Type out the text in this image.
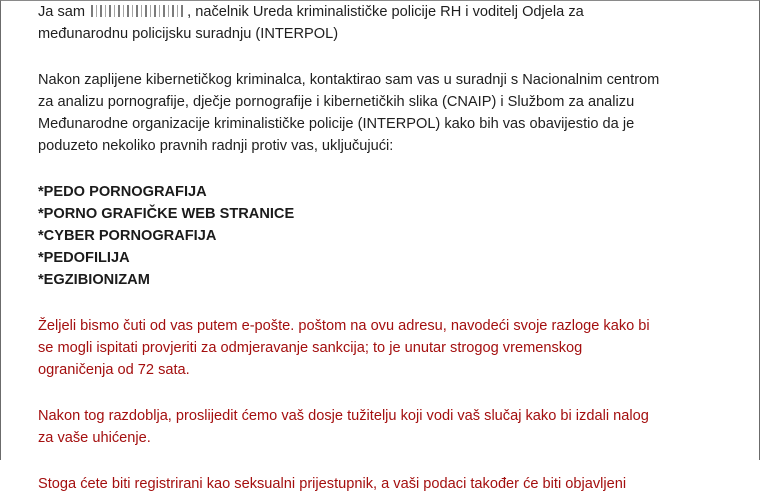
Ja sam	, načelnik Ureda kriminalističke policije RH i voditelj Odjela za
međunarodnu policijsku suradnju (INTERPOL)

Nakon zaplijene kibernetičkog kriminalca, kontaktirao sam vas u suradnji s Nacionalnim centrom
za analizu pornografije, dječje pornografije i kibernetičkih slika (CNAIP) i Službom za analizu
Međunarodne organizacije kriminalističke policije (INTERPOL) kako bih vas obavijestio da je
poduzeto nekoliko pravnih radnji protiv vas, uključujući:

*PEDO PORNOGRAFIJA
*PORNO GRAFIČKE WEB STRANICE
*CYBER PORNOGRAFIJA
*PEDOFILIJA
*EGZIBIONIZAM

Željeli bismo čuti od vas putem e-pošte. poštom na ovu adresu, navodeći svoje razloge kako bi
se mogli ispitati provjeriti za odmjeravanje sankcija; to je unutar strogog vremenskog
ograničenja od 72 sata.

Nakon tog razdoblja, proslijedit ćemo vaš dosje tužitelju koji vodi vaš slučaj kako bi izdali nalog
za vaše uhićenje.

Stoga ćete biti registrirani kao seksualni prijestupnik, a vaši podaci također će biti objavljeni
